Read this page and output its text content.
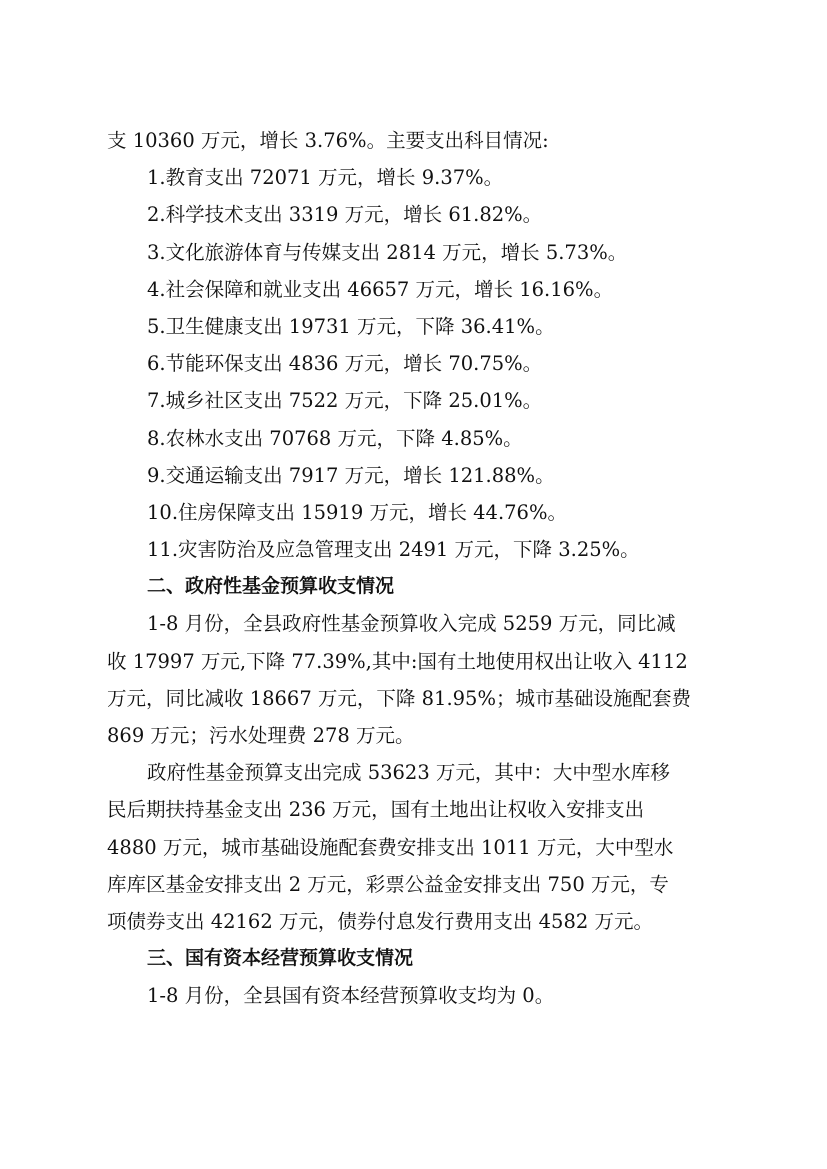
支 10360 万元，增长 3.76%。主要支出科目情况:
1.教育支出 72071 万元，增长 9.37%。
2.科学技术支出 3319 万元，增长 61.82%。
3.文化旅游体育与传媒支出 2814 万元，增长 5.73%。
4.社会保障和就业支出 46657 万元，增长 16.16%。
5.卫生健康支出 19731 万元，下降 36.41%。
6.节能环保支出 4836 万元，增长 70.75%。
7.城乡社区支出 7522 万元，下降 25.01%。
8.农林水支出 70768 万元，下降 4.85%。
9.交通运输支出 7917 万元，增长 121.88%。
10.住房保障支出 15919 万元，增长 44.76%。
11.灾害防治及应急管理支出 2491 万元，下降 3.25%。
二、政府性基金预算收支情况
1-8 月份，全县政府性基金预算收入完成 5259 万元，同比减
收 17997 万元,下降 77.39%,其中:国有土地使用权出让收入 4112
万元，同比减收 18667 万元，下降 81.95%；城市基础设施配套费
869 万元；污水处理费 278 万元。
政府性基金预算支出完成 53623 万元，其中：大中型水库移
民后期扶持基金支出 236 万元，国有土地出让权收入安排支出
4880 万元，城市基础设施配套费安排支出 1011 万元，大中型水
库库区基金安排支出 2 万元，彩票公益金安排支出 750 万元，专
项债券支出 42162 万元，债券付息发行费用支出 4582 万元。
三、国有资本经营预算收支情况
1-8 月份，全县国有资本经营预算收支均为 0。
